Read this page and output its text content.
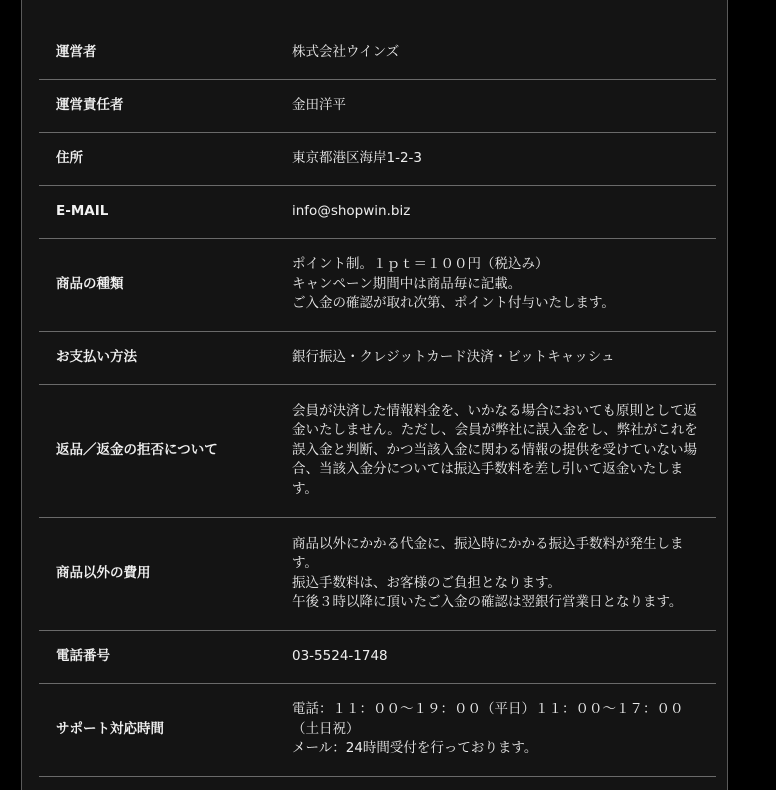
運営者	株式会社ウインズ

運営責任者	金田洋平

住所	東京都港区海岸1-2-3

E-MAIL	info@shopwin.biz

商品の種類	ポイント制。１ｐｔ＝１００円（税込み）
キャンペーン期間中は商品毎に記載。
ご入金の確認が取れ次第、ポイント付与いたします。

お支払い方法	銀行振込・クレジットカード決済・ビットキャッシュ

返品／返金の拒否について	会員が決済した情報料金を、いかなる場合においても原則として返金いたしません。ただし、会員が弊社に誤入金をし、弊社がこれを誤入金と判断、かつ当該入金に関わる情報の提供を受けていない場合、当該入金分については振込手数料を差し引いて返金いたします。

商品以外の費用	商品以外にかかる代金に、振込時にかかる振込手数料が発生します。
振込手数料は、お客様のご負担となります。
午後３時以降に頂いたご入金の確認は翌銀行営業日となります。

電話番号	03-5524-1748

サポート対応時間	電話：１１：００〜１９：００（平日）１１：００〜１７：００（土日祝）
メール：24時間受付を行っております。
